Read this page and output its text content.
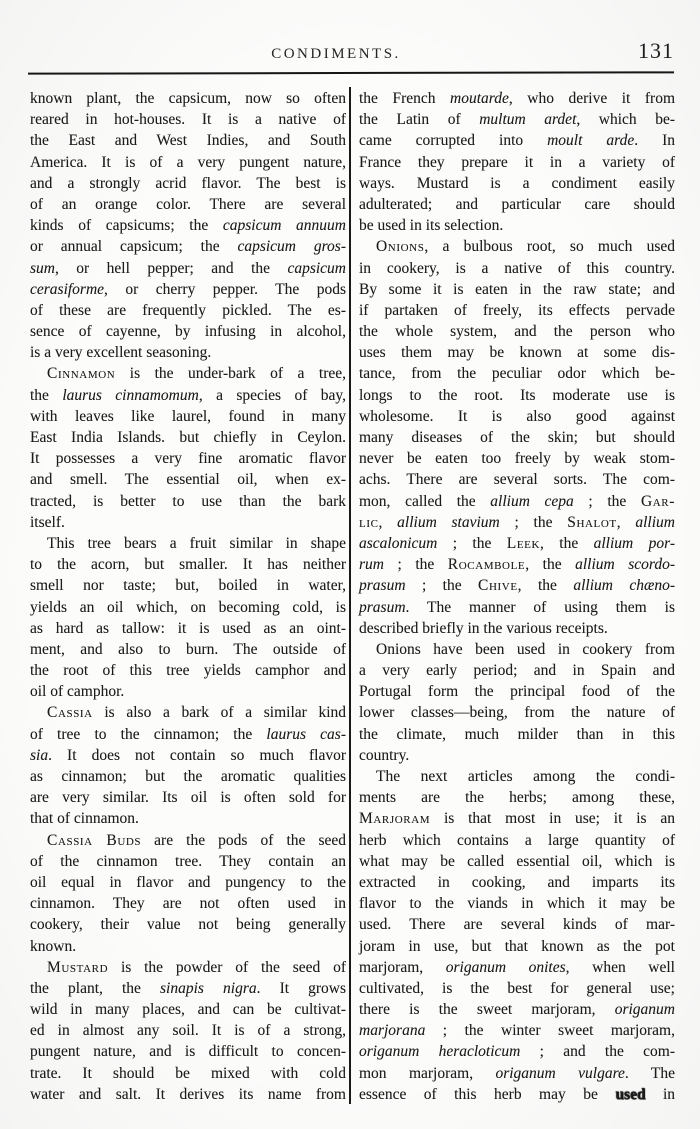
CONDIMENTS.	131
known plant, the capsicum, now so often
reared in hot-houses. It is a native of
the East and West Indies, and South
America. It is of a very pungent nature,
and a strongly acrid flavor. The best is
of an orange color. There are several
kinds of capsicums; the capsicum annuum
or annual capsicum; the capsicum gros-
sum, or hell pepper; and the capsicum
cerasiforme, or cherry pepper. The pods
of these are frequently pickled. The es-
sence of cayenne, by infusing in alcohol,
is a very excellent seasoning.
Cinnamon is the under-bark of a tree,
the laurus cinnamomum, a species of bay,
with leaves like laurel, found in many
East India Islands. but chiefly in Ceylon.
It possesses a very fine aromatic flavor
and smell. The essential oil, when ex-
tracted, is better to use than the bark
itself.
This tree bears a fruit similar in shape
to the acorn, but smaller. It has neither
smell nor taste; but, boiled in water,
yields an oil which, on becoming cold, is
as hard as tallow: it is used as an oint-
ment, and also to burn. The outside of
the root of this tree yields camphor and
oil of camphor.
Cassia is also a bark of a similar kind
of tree to the cinnamon; the laurus cas-
sia. It does not contain so much flavor
as cinnamon; but the aromatic qualities
are very similar. Its oil is often sold for
that of cinnamon.
Cassia Buds are the pods of the seed
of the cinnamon tree. They contain an
oil equal in flavor and pungency to the
cinnamon. They are not often used in
cookery, their value not being generally
known.
Mustard is the powder of the seed of
the plant, the sinapis nigra. It grows
wild in many places, and can be cultivat-
ed in almost any soil. It is of a strong,
pungent nature, and is difficult to concen-
trate. It should be mixed with cold
water and salt. It derives its name from
the French moutarde, who derive it from
the Latin of multum ardet, which be-
came corrupted into moult arde. In
France they prepare it in a variety of
ways. Mustard is a condiment easily
adulterated; and particular care should
be used in its selection.
Onions, a bulbous root, so much used
in cookery, is a native of this country.
By some it is eaten in the raw state; and
if partaken of freely, its effects pervade
the whole system, and the person who
uses them may be known at some dis-
tance, from the peculiar odor which be-
longs to the root. Its moderate use is
wholesome. It is also good against
many diseases of the skin; but should
never be eaten too freely by weak stom-
achs. There are several sorts. The com-
mon, called the allium cepa ; the Gar-
lic, allium stavium ; the Shalot, allium
ascalonicum ; the Leek, the allium por-
rum ; the Rocambole, the allium scordo-
prasum ; the Chive, the allium chæno-
prasum. The manner of using them is
described briefly in the various receipts.
Onions have been used in cookery from
a very early period; and in Spain and
Portugal form the principal food of the
lower classes—being, from the nature of
the climate, much milder than in this
country.
The next articles among the condi-
ments are the herbs; among these,
Marjoram is that most in use; it is an
herb which contains a large quantity of
what may be called essential oil, which is
extracted in cooking, and imparts its
flavor to the viands in which it may be
used. There are several kinds of mar-
joram in use, but that known as the pot
marjoram, origanum onites, when well
cultivated, is the best for general use;
there is the sweet marjoram, origanum
marjorana ; the winter sweet marjoram,
origanum heracloticum ; and the com-
mon marjoram, origanum vulgare. The
essence of this herb may be used in
